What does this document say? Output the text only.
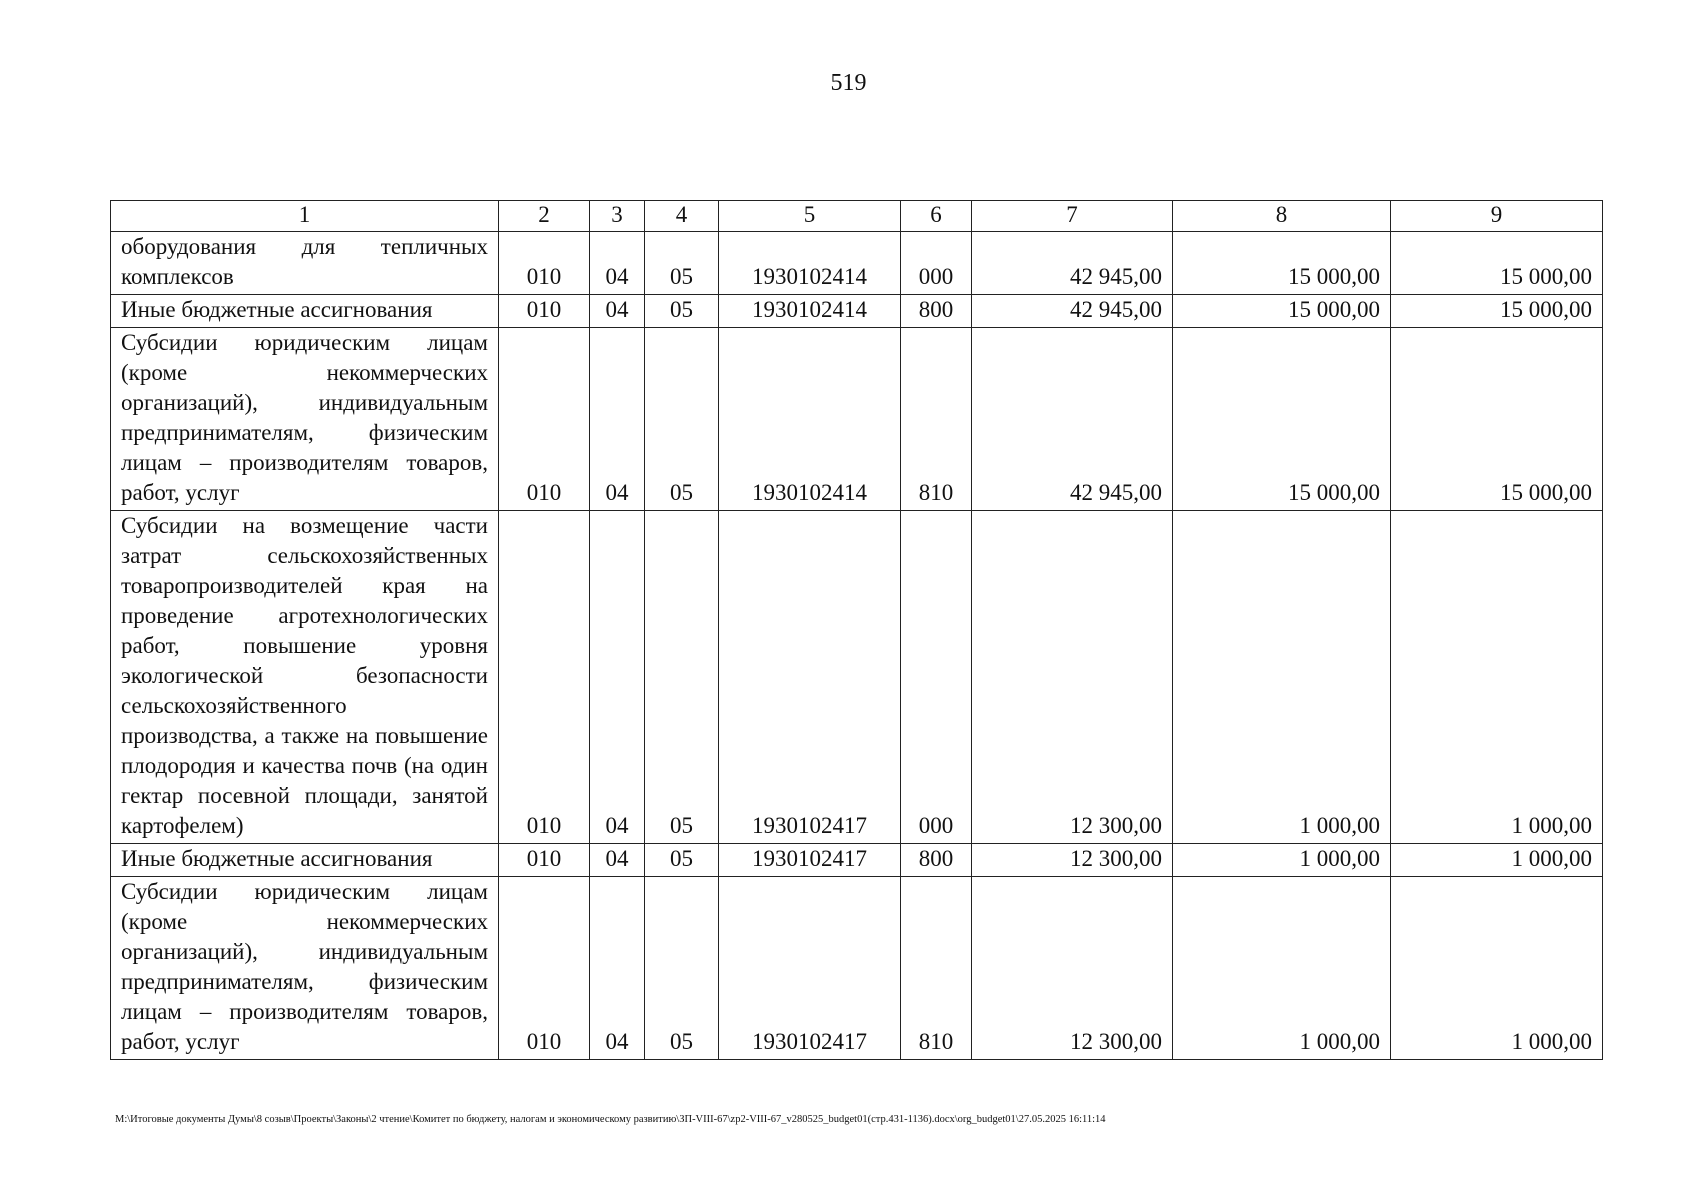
519
1	2	3	4	5	6	7	8	9
оборудования для тепличных комплексов	010	04	05	1930102414	000	42 945,00	15 000,00	15 000,00
Иные бюджетные ассигнования	010	04	05	1930102414	800	42 945,00	15 000,00	15 000,00
Субсидии юридическим лицам (кроме некоммерческих организаций), индивидуальным предпринимателям, физическим лицам – производителям товаров, работ, услуг	010	04	05	1930102414	810	42 945,00	15 000,00	15 000,00
Субсидии на возмещение части затрат сельскохозяйственных товаропроизводителей края на проведение агротехнологических работ, повышение уровня экологической безопасности сельскохозяйственного производства, а также на повышение плодородия и качества почв (на один гектар посевной площади, занятой картофелем)	010	04	05	1930102417	000	12 300,00	1 000,00	1 000,00
Иные бюджетные ассигнования	010	04	05	1930102417	800	12 300,00	1 000,00	1 000,00
Субсидии юридическим лицам (кроме некоммерческих организаций), индивидуальным предпринимателям, физическим лицам – производителям товаров, работ, услуг	010	04	05	1930102417	810	12 300,00	1 000,00	1 000,00
М:\Итоговые документы Думы\8 созыв\Проекты\Законы\2 чтение\Комитет по бюджету, налогам и экономическому развитию\ЗП-VIII-67\zp2-VIII-67_v280525_budget01(стр.431-1136).docx\org_budget01\27.05.2025 16:11:14
